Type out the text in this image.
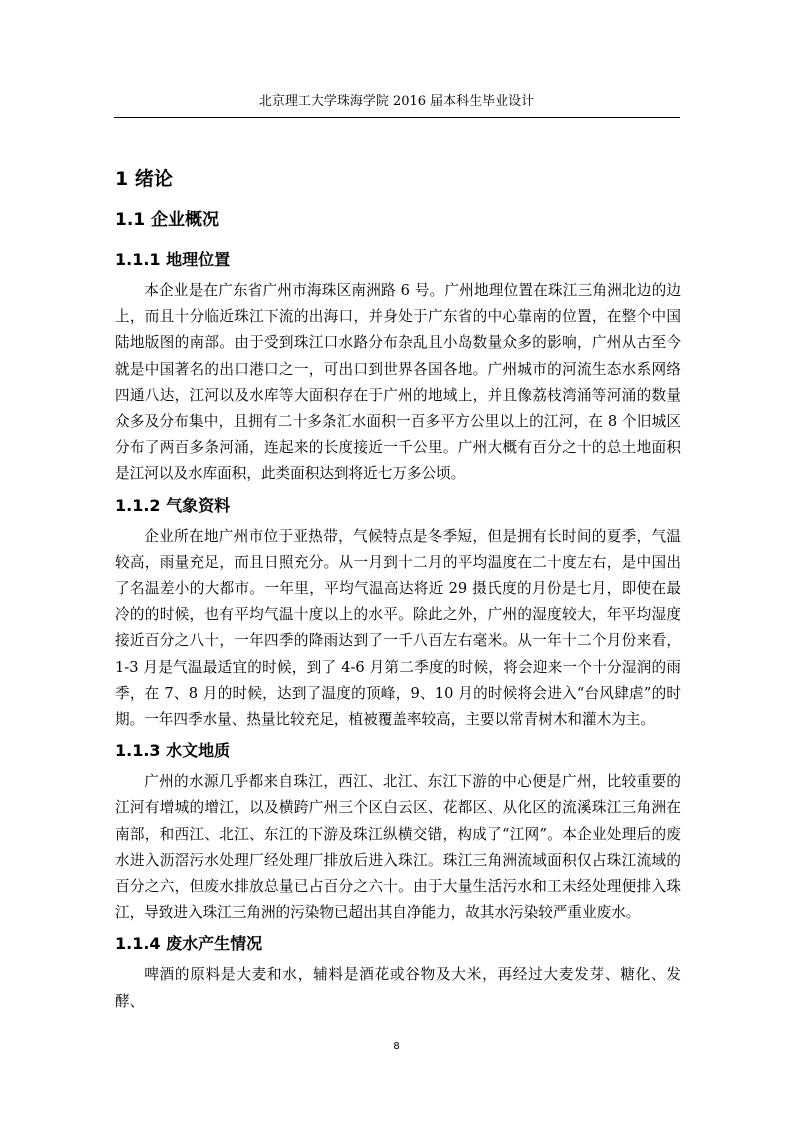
北京理工大学珠海学院 2016 届本科生毕业设计
1 绪论
1.1 企业概况
1.1.1 地理位置

本企业是在广东省广州市海珠区南洲路 6 号。广州地理位置在珠江三角洲北边的边上，而且十分临近珠江下流的出海口，并身处于广东省的中心靠南的位置，在整个中国陆地版图的南部。由于受到珠江口水路分布杂乱且小岛数量众多的影响，广州从古至今就是中国著名的出口港口之一，可出口到世界各国各地。广州城市的河流生态水系网络四通八达，江河以及水库等大面积存在于广州的地域上，并且像荔枝湾涌等河涌的数量众多及分布集中，且拥有二十多条汇水面积一百多平方公里以上的江河，在 8 个旧城区分布了两百多条河涌，连起来的长度接近一千公里。广州大概有百分之十的总土地面积是江河以及水库面积，此类面积达到将近七万多公顷。

1.1.2 气象资料

企业所在地广州市位于亚热带，气候特点是冬季短，但是拥有长时间的夏季，气温较高，雨量充足，而且日照充分。从一月到十二月的平均温度在二十度左右，是中国出了名温差小的大都市。一年里，平均气温高达将近 29 摄氏度的月份是七月，即使在最冷的的时候，也有平均气温十度以上的水平。除此之外，广州的湿度较大，年平均湿度接近百分之八十，一年四季的降雨达到了一千八百左右毫米。从一年十二个月份来看，1-3 月是气温最适宜的时候，到了 4-6 月第二季度的时候，将会迎来一个十分湿润的雨季，在 7、8 月的时候，达到了温度的顶峰，9、10 月的时候将会进入“台风肆虐”的时期。一年四季水量、热量比较充足，植被覆盖率较高，主要以常青树木和灌木为主。

1.1.3 水文地质

广州的水源几乎都来自珠江，西江、北江、东江下游的中心便是广州，比较重要的江河有增城的增江，以及横跨广州三个区白云区、花都区、从化区的流溪珠江三角洲在南部，和西江、北江、东江的下游及珠江纵横交错，构成了“江网”。本企业处理后的废水进入沥滘污水处理厂经处理厂排放后进入珠江。珠江三角洲流域面积仅占珠江流域的百分之六，但废水排放总量已占百分之六十。由于大量生活污水和工未经处理便排入珠江，导致进入珠江三角洲的污染物已超出其自净能力，故其水污染较严重业废水。

1.1.4 废水产生情况

啤酒的原料是大麦和水，辅料是酒花或谷物及大米，再经过大麦发芽、糖化、发酵、

8
